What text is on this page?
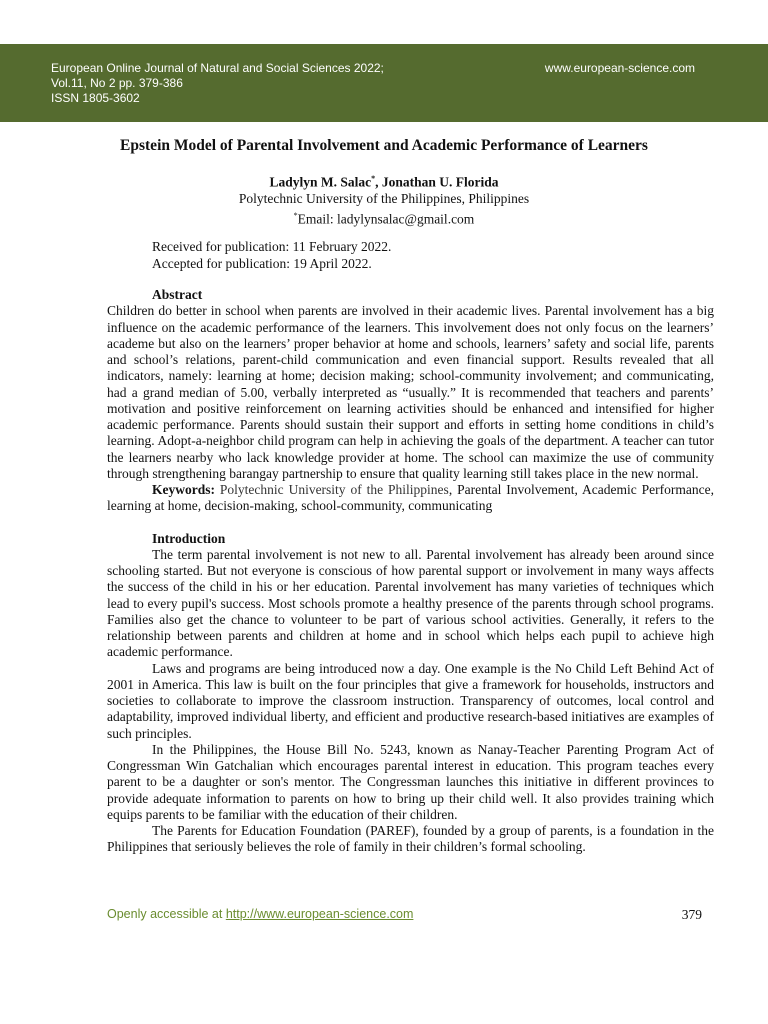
European Online Journal of Natural and Social Sciences 2022;
Vol.11, No 2 pp. 379-386
ISSN 1805-3602
www.european-science.com
Epstein Model of Parental Involvement and Academic Performance of Learners
Ladylyn M. Salac*, Jonathan U. Florida
Polytechnic University of the Philippines, Philippines
*Email: ladylynsalac@gmail.com
Received for publication: 11 February 2022.
Accepted for publication: 19 April 2022.

Abstract

Children do better in school when parents are involved in their academic lives. Parental involvement has a big influence on the academic performance of the learners. This involvement does not only focus on the learners’ academe but also on the learners’ proper behavior at home and schools, learners’ safety and social life, parents and school’s relations, parent-child communication and even financial support. Results revealed that all indicators, namely: learning at home; decision making; school-community involvement; and communicating, had a grand median of 5.00, verbally interpreted as “usually.” It is recommended that teachers and parents’ motivation and positive reinforcement on learning activities should be enhanced and intensified for higher academic performance. Parents should sustain their support and efforts in setting home conditions in child’s learning. Adopt-a-neighbor child program can help in achieving the goals of the department. A teacher can tutor the learners nearby who lack knowledge provider at home. The school can maximize the use of community through strengthening barangay partnership to ensure that quality learning still takes place in the new normal.

Keywords: Polytechnic University of the Philippines, Parental Involvement, Academic Performance, learning at home, decision-making, school-community, communicating

Introduction

The term parental involvement is not new to all. Parental involvement has already been around since schooling started. But not everyone is conscious of how parental support or involvement in many ways affects the success of the child in his or her education. Parental involvement has many varieties of techniques which lead to every pupil's success. Most schools promote a healthy presence of the parents through school programs. Families also get the chance to volunteer to be part of various school activities. Generally, it refers to the relationship between parents and children at home and in school which helps each pupil to achieve high academic performance.

Laws and programs are being introduced now a day. One example is the No Child Left Behind Act of 2001 in America. This law is built on the four principles that give a framework for households, instructors and societies to collaborate to improve the classroom instruction. Transparency of outcomes, local control and adaptability, improved individual liberty, and efficient and productive research-based initiatives are examples of such principles.

In the Philippines, the House Bill No. 5243, known as Nanay-Teacher Parenting Program Act of Congressman Win Gatchalian which encourages parental interest in education. This program teaches every parent to be a daughter or son's mentor. The Congressman launches this initiative in different provinces to provide adequate information to parents on how to bring up their child well. It also provides training which equips parents to be familiar with the education of their children.

The Parents for Education Foundation (PAREF), founded by a group of parents, is a foundation in the Philippines that seriously believes the role of family in their children’s formal schooling.

Openly accessible at http://www.european-science.com	379
